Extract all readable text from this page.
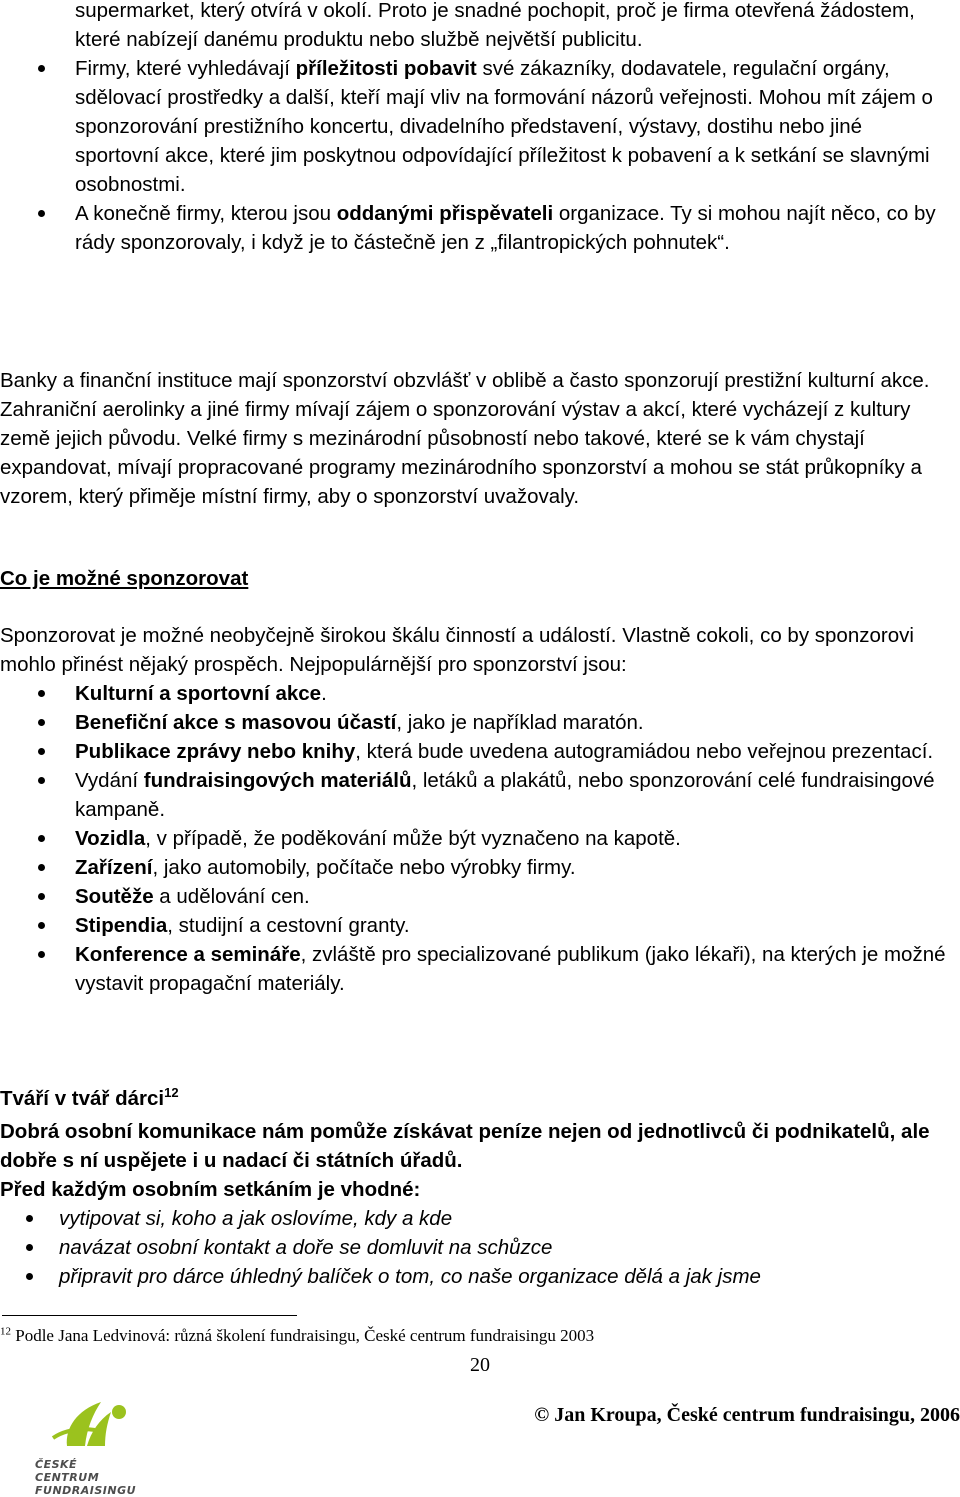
supermarket, který otvírá v okolí. Proto je snadné pochopit, proč je firma otevřená žádostem, které nabízejí danému produktu nebo službě největší publicitu.

Firmy, které vyhledávají příležitosti pobavit své zákazníky, dodavatele, regulační orgány, sdělovací prostředky a další, kteří mají vliv na formování názorů veřejnosti. Mohou mít zájem o sponzorování prestižního koncertu, divadelního představení, výstavy, dostihu nebo jiné sportovní akce, které jim poskytnou odpovídající příležitost k pobavení a k setkání se slavnými osobnostmi.
A konečně firmy, kterou jsou oddanými přispěvateli organizace. Ty si mohou najít něco, co by rády sponzorovaly, i když je to částečně jen z „filantropických pohnutek“.

Banky a finanční instituce mají sponzorství obzvlášť v oblibě a často sponzorují prestižní kulturní akce. Zahraniční aerolinky a jiné firmy mívají zájem o sponzorování výstav a akcí, které vycházejí z kultury země jejich původu. Velké firmy s mezinárodní působností nebo takové, které se k vám chystají expandovat, mívají propracované programy mezinárodního sponzorství a mohou se stát průkopníky a vzorem, který přiměje místní firmy, aby o sponzorství uvažovaly.

Co je možné sponzorovat

Sponzorovat je možné neobyčejně širokou škálu činností a událostí. Vlastně cokoli, co by sponzorovi mohlo přinést nějaký prospěch. Nejpopulárnější pro sponzorství jsou:

Kulturní a sportovní akce.
Benefiční akce s masovou účastí, jako je například maratón.
Publikace zprávy nebo knihy, která bude uvedena autogramiádou nebo veřejnou prezentací.
Vydání fundraisingových materiálů, letáků a plakátů, nebo sponzorování celé fundraisingové kampaně.
Vozidla, v případě, že poděkování může být vyznačeno na kapotě.
Zařízení, jako automobily, počítače nebo výrobky firmy.
Soutěže a udělování cen.
Stipendia, studijní a cestovní granty.
Konference a semináře, zvláště pro specializované publikum (jako lékaři), na kterých je možné vystavit propagační materiály.

Tváří v tvář dárci$^{12}$

Dobrá osobní komunikace nám pomůže získávat peníze nejen od jednotlivců či podnikatelů, ale dobře s ní uspějete i u nadací či státních úřadů.

Před každým osobním setkáním je vhodné:

vytipovat si, koho a jak oslovíme, kdy a kde
navázat osobní kontakt a doře se domluvit na schůzce
připravit pro dárce úhledný balíček o tom, co naše organizace dělá a jak jsme
$^{12}$ Podle Jana Ledvinová: různá školení fundraisingu, České centrum fundraisingu 2003
20
ČESKÉ CENTRUM
FUNDRAISINGU
© Jan Kroupa, České centrum fundraisingu, 2006
